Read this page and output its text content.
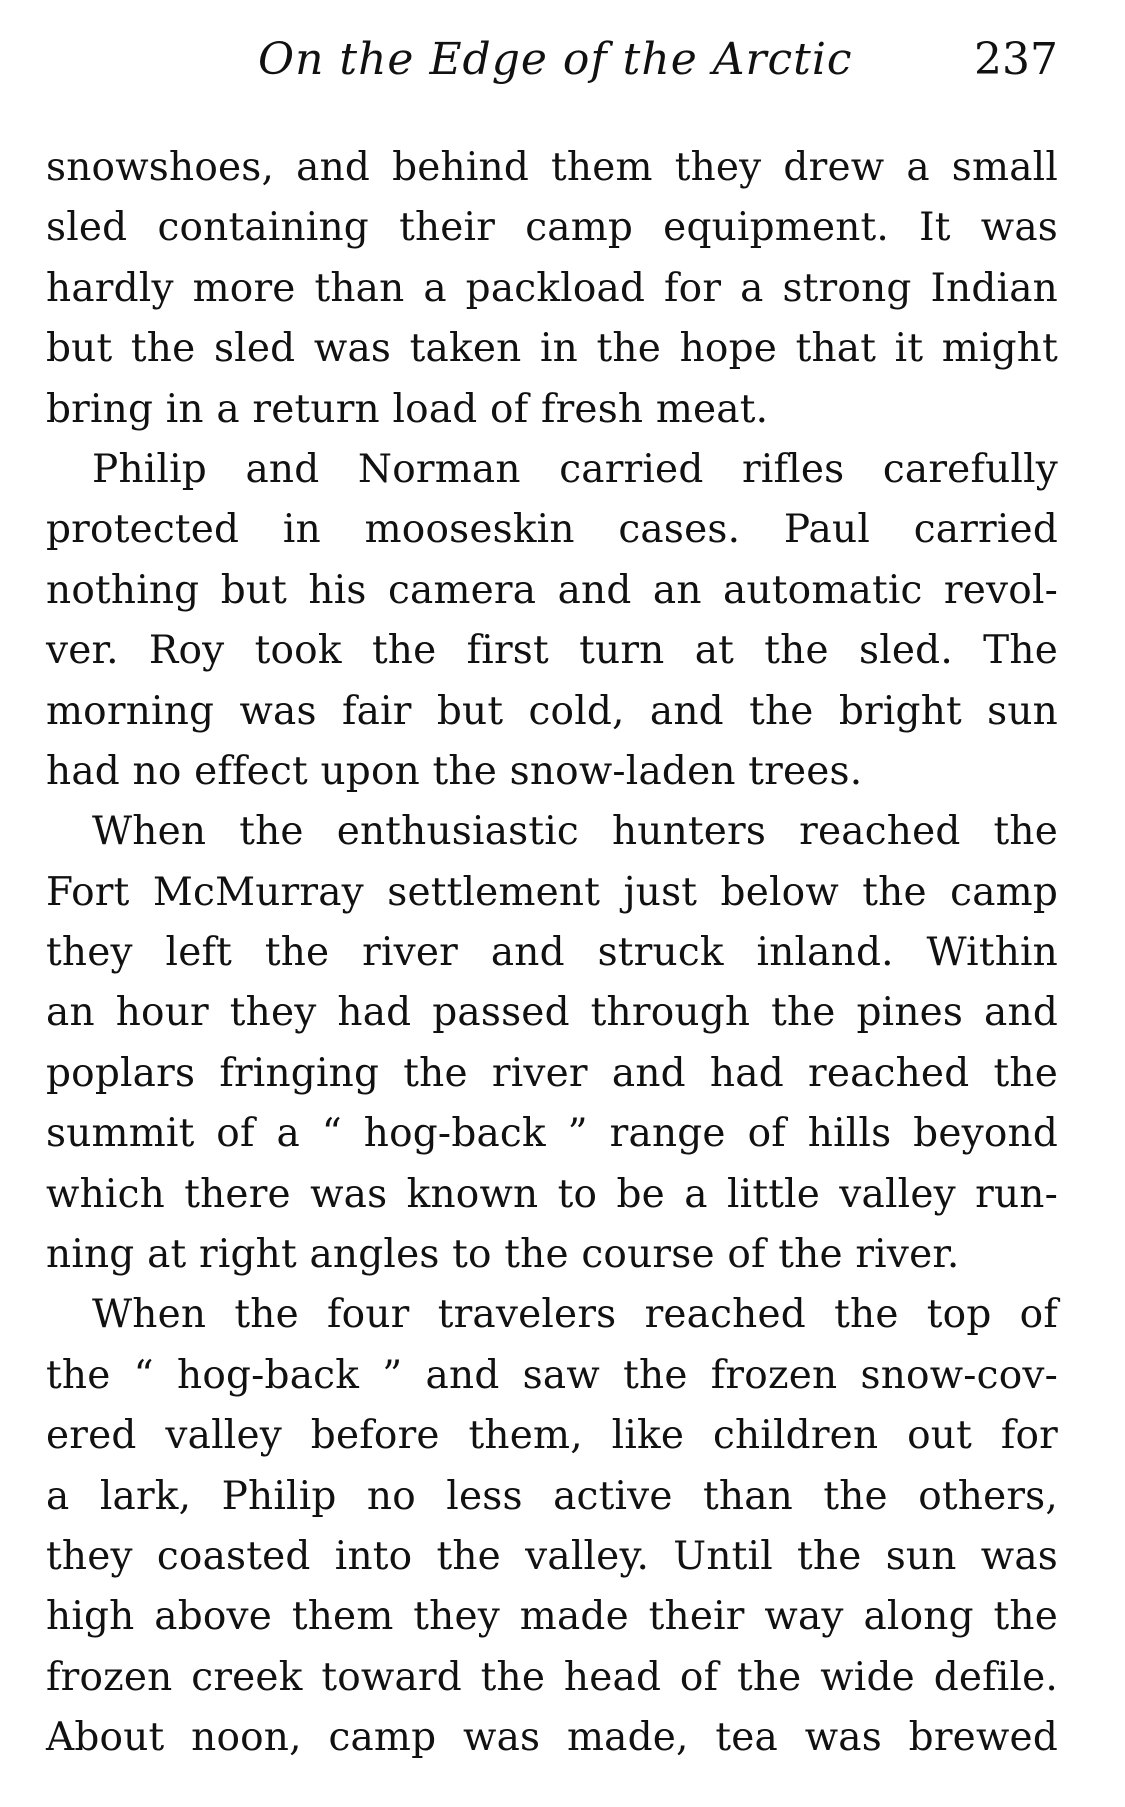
On the Edge of the Arctic	237
snowshoes, and behind them they drew a small
sled containing their camp equipment. It was
hardly more than a packload for a strong Indian
but the sled was taken in the hope that it might
bring in a return load of fresh meat.
Philip and Norman carried rifles carefully
protected in mooseskin cases. Paul carried
nothing but his camera and an automatic revol-
ver. Roy took the first turn at the sled. The
morning was fair but cold, and the bright sun
had no effect upon the snow-laden trees.
When the enthusiastic hunters reached the
Fort McMurray settlement just below the camp
they left the river and struck inland. Within
an hour they had passed through the pines and
poplars fringing the river and had reached the
summit of a “ hog-back ” range of hills beyond
which there was known to be a little valley run-
ning at right angles to the course of the river.
When the four travelers reached the top of
the “ hog-back ” and saw the frozen snow-cov-
ered valley before them, like children out for
a lark, Philip no less active than the others,
they coasted into the valley. Until the sun was
high above them they made their way along the
frozen creek toward the head of the wide defile.
About noon, camp was made, tea was brewed
